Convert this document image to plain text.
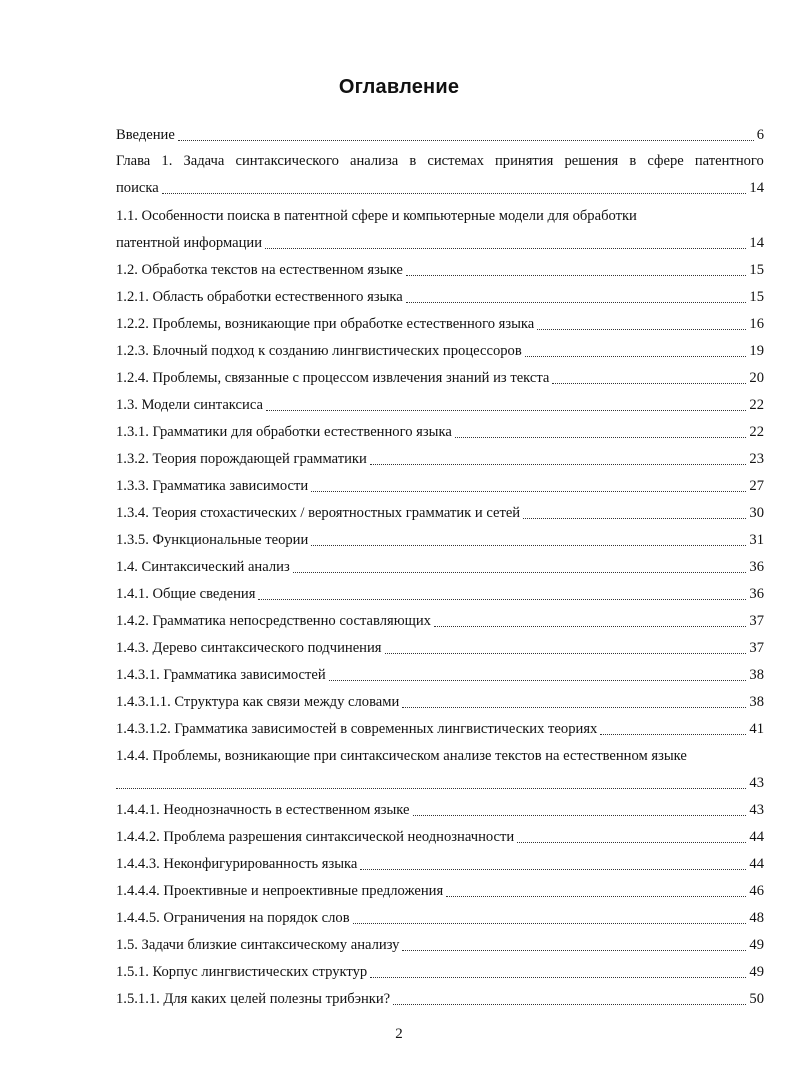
Оглавление
Введение	6
Глава 1. Задача синтаксического анализа в системах принятия решения в сфере патентного
поиска	14
1.1. Особенности поиска в патентной сфере и компьютерные модели для обработки
патентной информации	14
1.2. Обработка текстов на естественном языке	15
1.2.1. Область обработки естественного языка	15
1.2.2. Проблемы, возникающие при обработке естественного языка	16
1.2.3. Блочный подход к созданию лингвистических процессоров	19
1.2.4. Проблемы, связанные с процессом извлечения знаний из текста	20
1.3. Модели синтаксиса	22
1.3.1. Грамматики для обработки естественного языка	22
1.3.2. Теория порождающей грамматики	23
1.3.3. Грамматика зависимости	27
1.3.4. Теория стохастических / вероятностных грамматик и сетей	30
1.3.5. Функциональные теории	31
1.4. Синтаксический анализ	36
1.4.1. Общие сведения	36
1.4.2. Грамматика непосредственно составляющих	37
1.4.3. Дерево синтаксического подчинения	37
1.4.3.1. Грамматика зависимостей	38
1.4.3.1.1. Структура как связи между словами	38
1.4.3.1.2. Грамматика зависимостей в современных лингвистических теориях	41
1.4.4. Проблемы, возникающие при синтаксическом анализе текстов на естественном языке
43
1.4.4.1. Неоднозначность в естественном языке	43
1.4.4.2. Проблема разрешения синтаксической неоднозначности	44
1.4.4.3. Неконфигурированность языка	44
1.4.4.4. Проективные и непроективные предложения	46
1.4.4.5. Ограничения на порядок слов	48
1.5. Задачи близкие синтаксическому анализу	49
1.5.1. Корпус лингвистических структур	49
1.5.1.1. Для каких целей полезны трибэнки?	50
2
